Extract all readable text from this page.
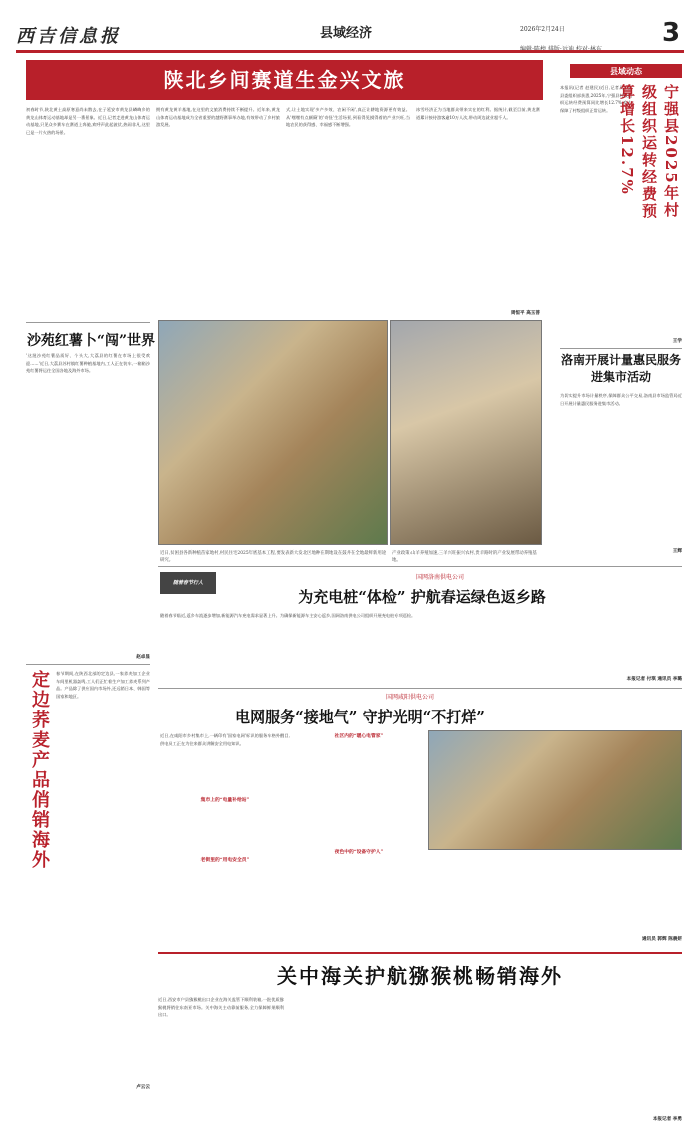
西吉信息报	县域经济	2026年2月24日	3
陕北乡间赛道生金兴文旅
初春时节,陕北黄土高原寒意尚未散去,在子延安市黄龙县嶙峋乡的黄龙山体育运动基地却是另一番景象。近日,记者走进黄龙山体育运动基地,只见众多赛车在赛道上奔驰,欢呼声此起彼伏,热闹非凡,这里已是一片火热的场景。
拥有黄龙黄羊基地,在这里的文旅消费持续不断提升。近年来,黄龙山体育运动基地成为全省重要的越野赛事举办地,有效带动了乡村旅游发展。
式,让土地实现'多产多效、农闲不闲',真正让耕地资源更有效益。从'嘿嘿有点颠簸'的'奇怪'生活场景,到看得见摸得着的产业兴旺,当地农民的获得感、幸福感不断增强。
冰雪经济正为当地群众带来实在的红利。据统计,截至目前,黄龙赛道累计接待游客逾10万人次,带动周边就业超千人。
周恒平 高玉菩
沙苑红薯卜“闯”世界
'这批沙苑红薯品质好、个头大,大荔县的红薯在市场上很受欢迎……'近日,大荔县苏村镇红薯种植基地内,工人正在装车,一箱箱沙苑红薯将运往全国各地及海外市场。
赵卓显
近日,贫困县各新种植苗家地村,村民住宅2025年底基本工程,要发表新大发北区地种在期地设在鼓井在全地最鲜新用途研究。
产业政策:山羊养殖加速,三羊兴旺振兴农村,贵羊路时的产业发展带动养殖基地。
县域动态
本报讯(记者 赵建民)近日,记者从宁强县委组织部获悉,2025年,宁强县村级组织运转经费预算同比增长12.7%,有力保障了村级组织正常运转。	宁强县2025年村级组织运转经费预算增长12.7%
王学
洛南开展计量惠民服务进集市活动
为切实提升市场计量秩序,保障群众公平交易,洛南县市场监管局近日开展计量惠民服务进集市活动。
王辉
定边荞麦产品俏销海外	春节期间,在陕西北部的定边县,一家荞麦加工企业车间里机器轰鸣,工人们正忙着生产加工荞麦系列产品。产品除了供应国内市场外,还远销日本、韩国等国家和地区。
卢云云
随着春节行人
国网洛南供电公司
为充电桩“体检” 护航春运绿色返乡路
随着春节临近,返乡车流逐步增加,新能源汽车充电需求显著上升。为确保新能源车主安心返乡,国网洛南供电公司组织开展充电桩专项巡检。
本报记者 付琪 通讯员 李璐
国网咸阳供电公司
电网服务“接地气” 守护光明“不打烊”
近日,在咸阳市乡村集市上,一辆印有'国家电网'标识的服务车格外醒目,供电员工正在为往来群众讲解安全用电知识。
集市上的“电量补给站”
老街里的“用电安全员”
社区内的“暖心电管家”
夜色中的“设备守护人”
通讯员 郭辉 陈晨妍
关中海关护航猕猴桃畅销海外
近日,西安市户县猕猴桃出口企业在海关监管下顺利装箱,一批优质猕猴桃将销往东南亚市场。关中海关主动靠前服务,全力保障鲜果顺利出口。
本报记者 李勇
